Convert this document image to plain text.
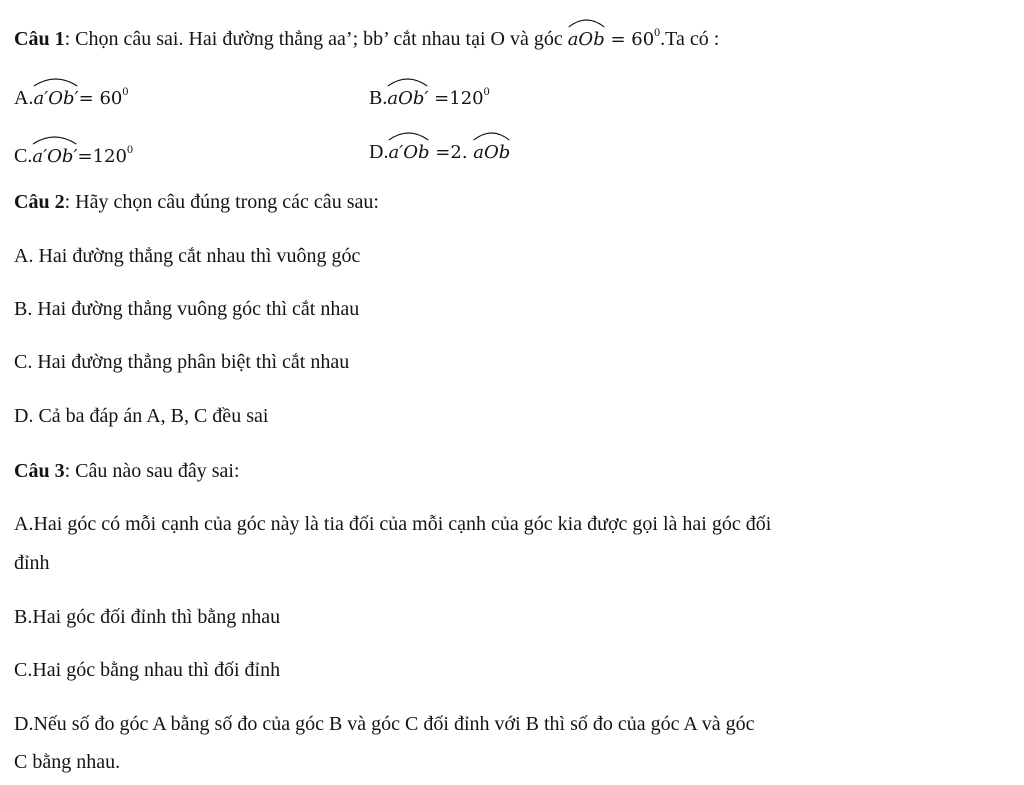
Câu 1: Chọn câu sai. Hai đường thẳng aa’; bb’ cắt nhau tại O và góc
aOb = $60^0.Ta$ có :
A.
$a'Ob'= 60^0$	B.
$aOb' =120^0$
C.
$a'Ob'=120^0$	D.
a′Ob =2.
aOb
Câu 2: Hãy chọn câu đúng trong các câu sau:
A. Hai đường thẳng cắt nhau thì vuông góc
B. Hai đường thẳng vuông góc thì cắt nhau
C. Hai đường thẳng phân biệt thì cắt nhau
D. Cả ba đáp án A, B, C đều sai
Câu 3: Câu nào sau đây sai:
A.Hai góc có mỗi cạnh của góc này là tia đối của mỗi cạnh của góc kia được gọi là hai góc đối
đỉnh
B.Hai góc đối đỉnh thì bằng nhau
C.Hai góc bằng nhau thì đối đỉnh
D.Nếu số đo góc A bằng số đo của góc B và góc C đối đỉnh với B thì số đo của góc A và góc
C bằng nhau.
